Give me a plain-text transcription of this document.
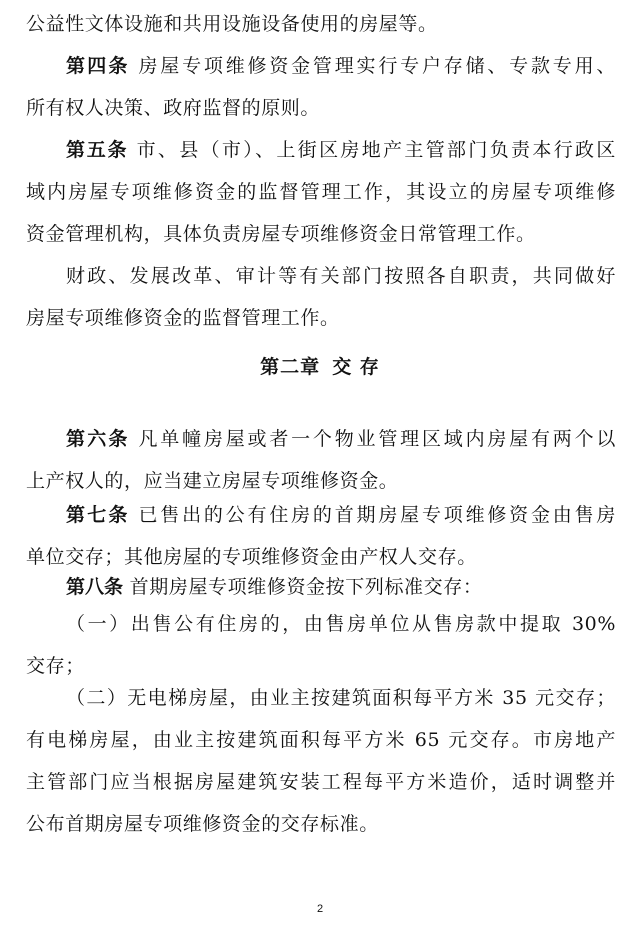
公益性文体设施和共用设施设备使用的房屋等。

第四条 房屋专项维修资金管理实行专户存储、专款专用、
所有权人决策、政府监督的原则。

第五条 市、县（市）、上街区房地产主管部门负责本行政区
域内房屋专项维修资金的监督管理工作，其设立的房屋专项维修
资金管理机构，具体负责房屋专项维修资金日常管理工作。

财政、发展改革、审计等有关部门按照各自职责，共同做好
房屋专项维修资金的监督管理工作。

第二章 交 存

第六条 凡单幢房屋或者一个物业管理区域内房屋有两个以
上产权人的，应当建立房屋专项维修资金。

第七条 已售出的公有住房的首期房屋专项维修资金由售房
单位交存；其他房屋的专项维修资金由产权人交存。

第八条 首期房屋专项维修资金按下列标准交存：

（一）出售公有住房的，由售房单位从售房款中提取 30%
交存；

（二）无电梯房屋，由业主按建筑面积每平方米 35 元交存；
有电梯房屋，由业主按建筑面积每平方米 65 元交存。市房地产
主管部门应当根据房屋建筑安装工程每平方米造价，适时调整并
公布首期房屋专项维修资金的交存标准。

2
